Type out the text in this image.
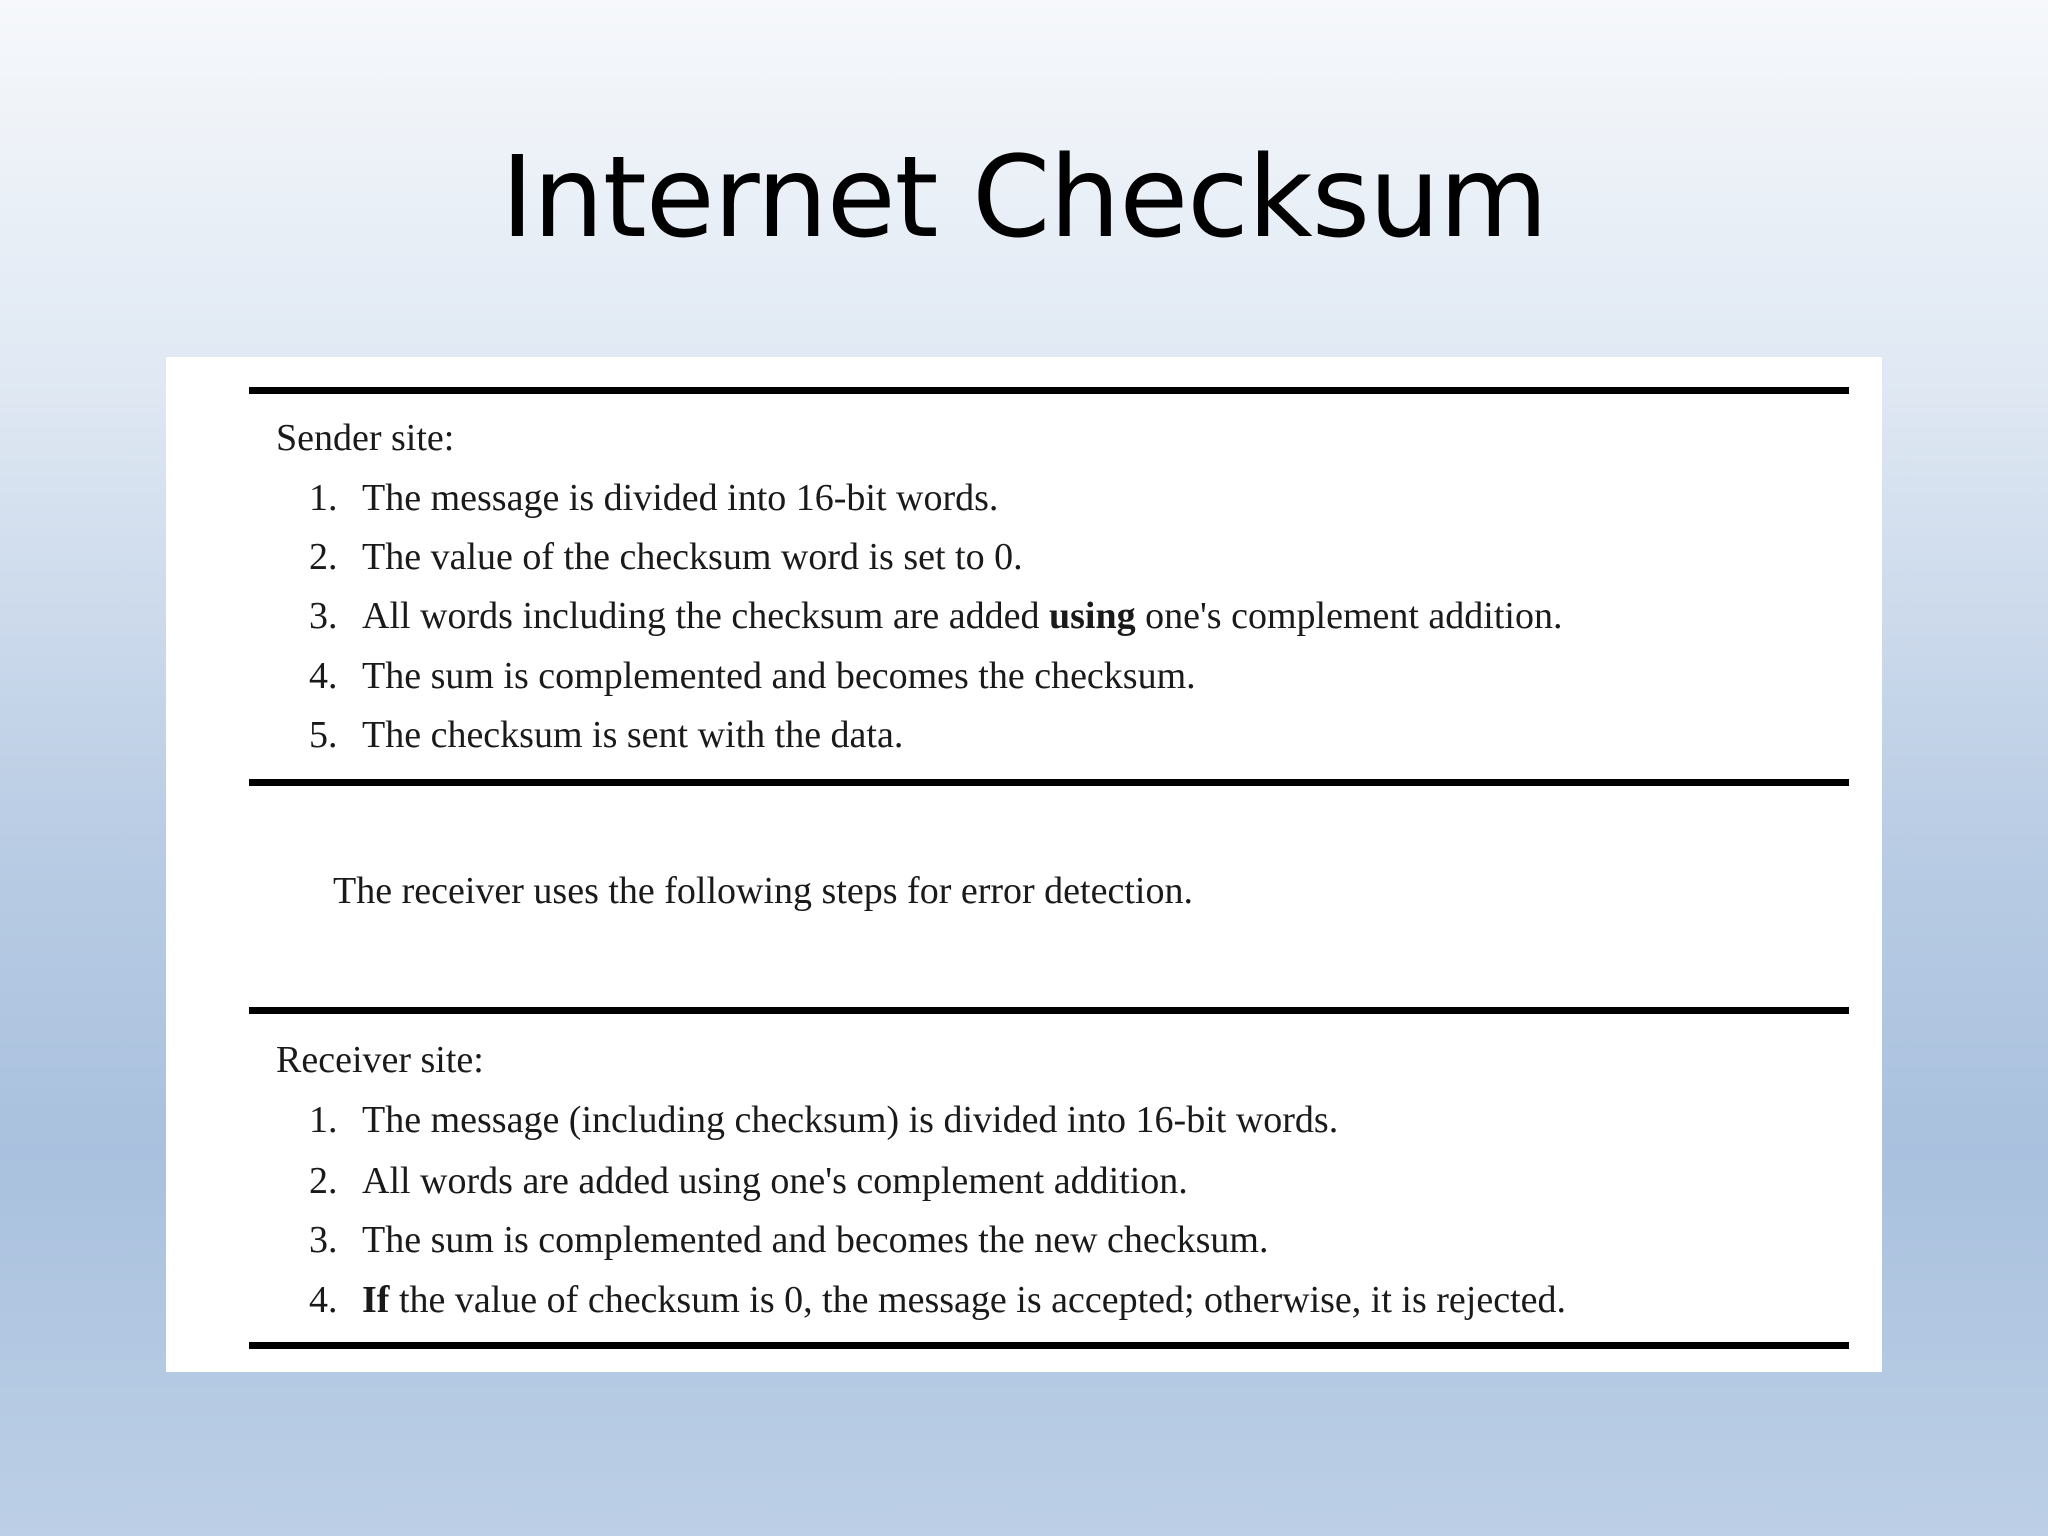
Internet Checksum
Sender site:
1. The message is divided into 16-bit words.
2. The value of the checksum word is set to 0.
3. All words including the checksum are added using one's complement addition.
4. The sum is complemented and becomes the checksum.
5. The checksum is sent with the data.
The receiver uses the following steps for error detection.
Receiver site:
1. The message (including checksum) is divided into 16-bit words.
2. All words are added using one's complement addition.
3. The sum is complemented and becomes the new checksum.
4. If the value of checksum is 0, the message is accepted; otherwise, it is rejected.
